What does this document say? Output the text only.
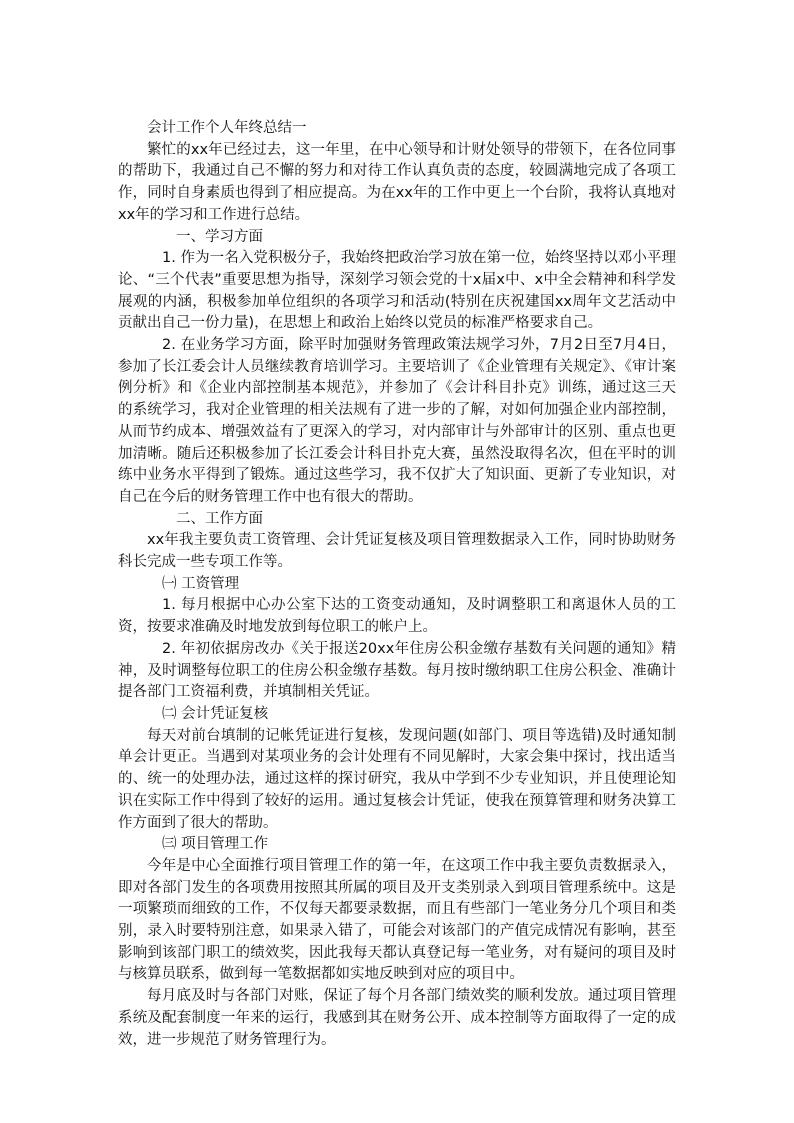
会计工作个人年终总结一

繁忙的xx年已经过去，这一年里，在中心领导和计财处领导的带领下，在各位同事的帮助下，我通过自己不懈的努力和对待工作认真负责的态度，较圆满地完成了各项工作，同时自身素质也得到了相应提高。为在xx年的工作中更上一个台阶，我将认真地对xx年的学习和工作进行总结。

一、学习方面

1. 作为一名入党积极分子，我始终把政治学习放在第一位，始终坚持以邓小平理论、“三个代表”重要思想为指导，深刻学习领会党的十x届x中、x中全会精神和科学发展观的内涵，积极参加单位组织的各项学习和活动(特别在庆祝建国xx周年文艺活动中贡献出自己一份力量)，在思想上和政治上始终以党员的标准严格要求自己。

2. 在业务学习方面，除平时加强财务管理政策法规学习外，7月2日至7月4日，参加了长江委会计人员继续教育培训学习。主要培训了《企业管理有关规定》、《审计案例分析》和《企业内部控制基本规范》，并参加了《会计科目扑克》训练，通过这三天的系统学习，我对企业管理的相关法规有了进一步的了解，对如何加强企业内部控制，从而节约成本、增强效益有了更深入的学习，对内部审计与外部审计的区别、重点也更加清晰。随后还积极参加了长江委会计科目扑克大赛，虽然没取得名次，但在平时的训练中业务水平得到了锻炼。通过这些学习，我不仅扩大了知识面、更新了专业知识，对自己在今后的财务管理工作中也有很大的帮助。

二、工作方面

xx年我主要负责工资管理、会计凭证复核及项目管理数据录入工作，同时协助财务科长完成一些专项工作等。

㈠ 工资管理

1. 每月根据中心办公室下达的工资变动通知，及时调整职工和离退休人员的工资，按要求准确及时地发放到每位职工的帐户上。

2. 年初依据房改办《关于报送20xx年住房公积金缴存基数有关问题的通知》精神，及时调整每位职工的住房公积金缴存基数。每月按时缴纳职工住房公积金、准确计提各部门工资福利费，并填制相关凭证。

㈡ 会计凭证复核

每天对前台填制的记帐凭证进行复核，发现问题(如部门、项目等选错)及时通知制单会计更正。当遇到对某项业务的会计处理有不同见解时，大家会集中探讨，找出适当的、统一的处理办法，通过这样的探讨研究，我从中学到不少专业知识，并且使理论知识在实际工作中得到了较好的运用。通过复核会计凭证，使我在预算管理和财务决算工作方面到了很大的帮助。

㈢ 项目管理工作

今年是中心全面推行项目管理工作的第一年，在这项工作中我主要负责数据录入，即对各部门发生的各项费用按照其所属的项目及开支类别录入到项目管理系统中。这是一项繁琐而细致的工作，不仅每天都要录数据，而且有些部门一笔业务分几个项目和类别，录入时要特别注意，如果录入错了，可能会对该部门的产值完成情况有影响，甚至影响到该部门职工的绩效奖，因此我每天都认真登记每一笔业务，对有疑问的项目及时与核算员联系，做到每一笔数据都如实地反映到对应的项目中。

每月底及时与各部门对账，保证了每个月各部门绩效奖的顺利发放。通过项目管理系统及配套制度一年来的运行，我感到其在财务公开、成本控制等方面取得了一定的成效，进一步规范了财务管理行为。
